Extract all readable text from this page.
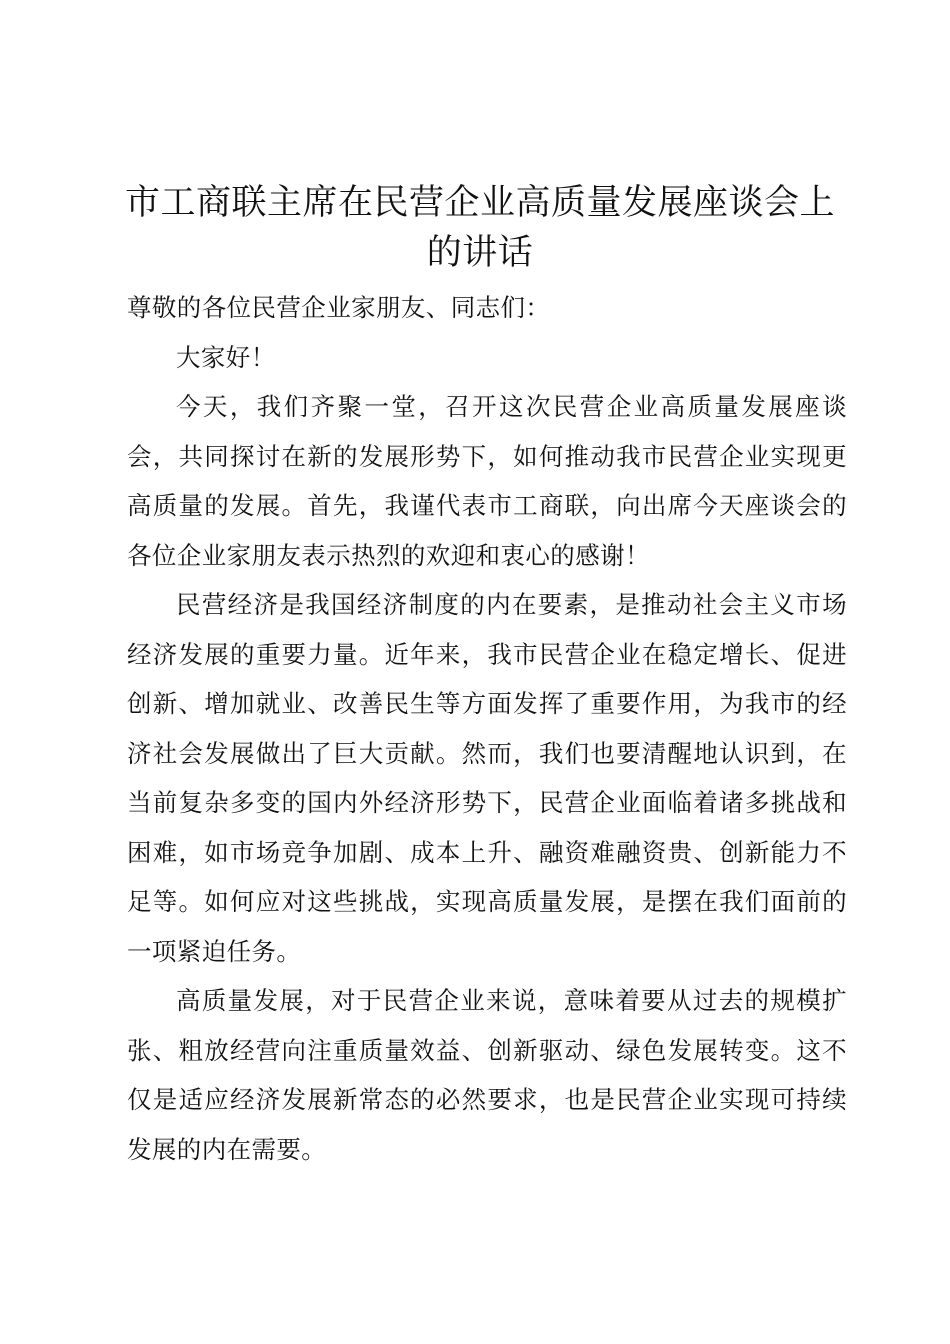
市工商联主席在民营企业高质量发展座谈会上的讲话

尊敬的各位民营企业家朋友、同志们：

大家好！

今天，我们齐聚一堂，召开这次民营企业高质量发展座谈会，共同探讨在新的发展形势下，如何推动我市民营企业实现更高质量的发展。首先，我谨代表市工商联，向出席今天座谈会的各位企业家朋友表示热烈的欢迎和衷心的感谢！

民营经济是我国经济制度的内在要素，是推动社会主义市场经济发展的重要力量。近年来，我市民营企业在稳定增长、促进创新、增加就业、改善民生等方面发挥了重要作用，为我市的经济社会发展做出了巨大贡献。然而，我们也要清醒地认识到，在当前复杂多变的国内外经济形势下，民营企业面临着诸多挑战和困难，如市场竞争加剧、成本上升、融资难融资贵、创新能力不足等。如何应对这些挑战，实现高质量发展，是摆在我们面前的一项紧迫任务。

高质量发展，对于民营企业来说，意味着要从过去的规模扩张、粗放经营向注重质量效益、创新驱动、绿色发展转变。这不仅是适应经济发展新常态的必然要求，也是民营企业实现可持续发展的内在需要。
